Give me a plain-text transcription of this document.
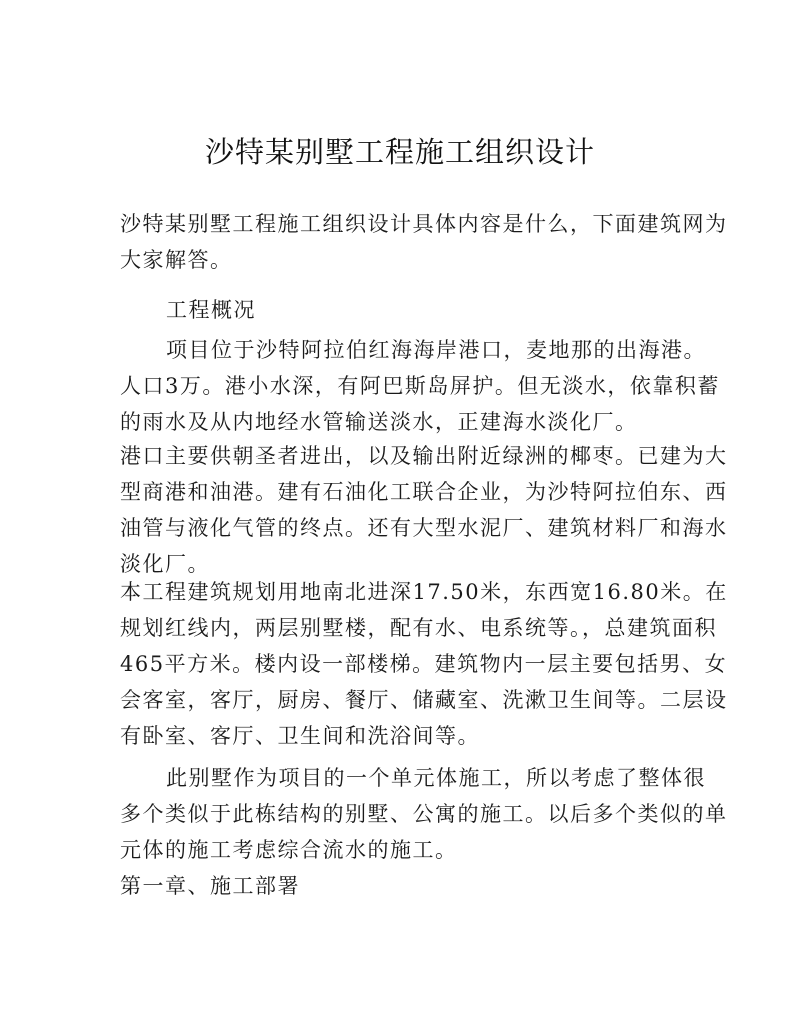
沙特某别墅工程施工组织设计
沙特某别墅工程施工组织设计具体内容是什么，下面建筑网为
大家解答。
工程概况
项目位于沙特阿拉伯红海海岸港口，麦地那的出海港。
人口3万。港小水深，有阿巴斯岛屏护。但无淡水，依靠积蓄
的雨水及从内地经水管输送淡水，正建海水淡化厂。
港口主要供朝圣者进出，以及输出附近绿洲的椰枣。已建为大
型商港和油港。建有石油化工联合企业，为沙特阿拉伯东、西
油管与液化气管的终点。还有大型水泥厂、建筑材料厂和海水
淡化厂。
本工程建筑规划用地南北进深17.50米，东西宽16.80米。在
规划红线内，两层别墅楼，配有水、电系统等。，总建筑面积
465平方米。楼内设一部楼梯。建筑物内一层主要包括男、女
会客室，客厅，厨房、餐厅、储藏室、洗漱卫生间等。二层设
有卧室、客厅、卫生间和洗浴间等。
此别墅作为项目的一个单元体施工，所以考虑了整体很
多个类似于此栋结构的别墅、公寓的施工。以后多个类似的单
元体的施工考虑综合流水的施工。
第一章、施工部署
